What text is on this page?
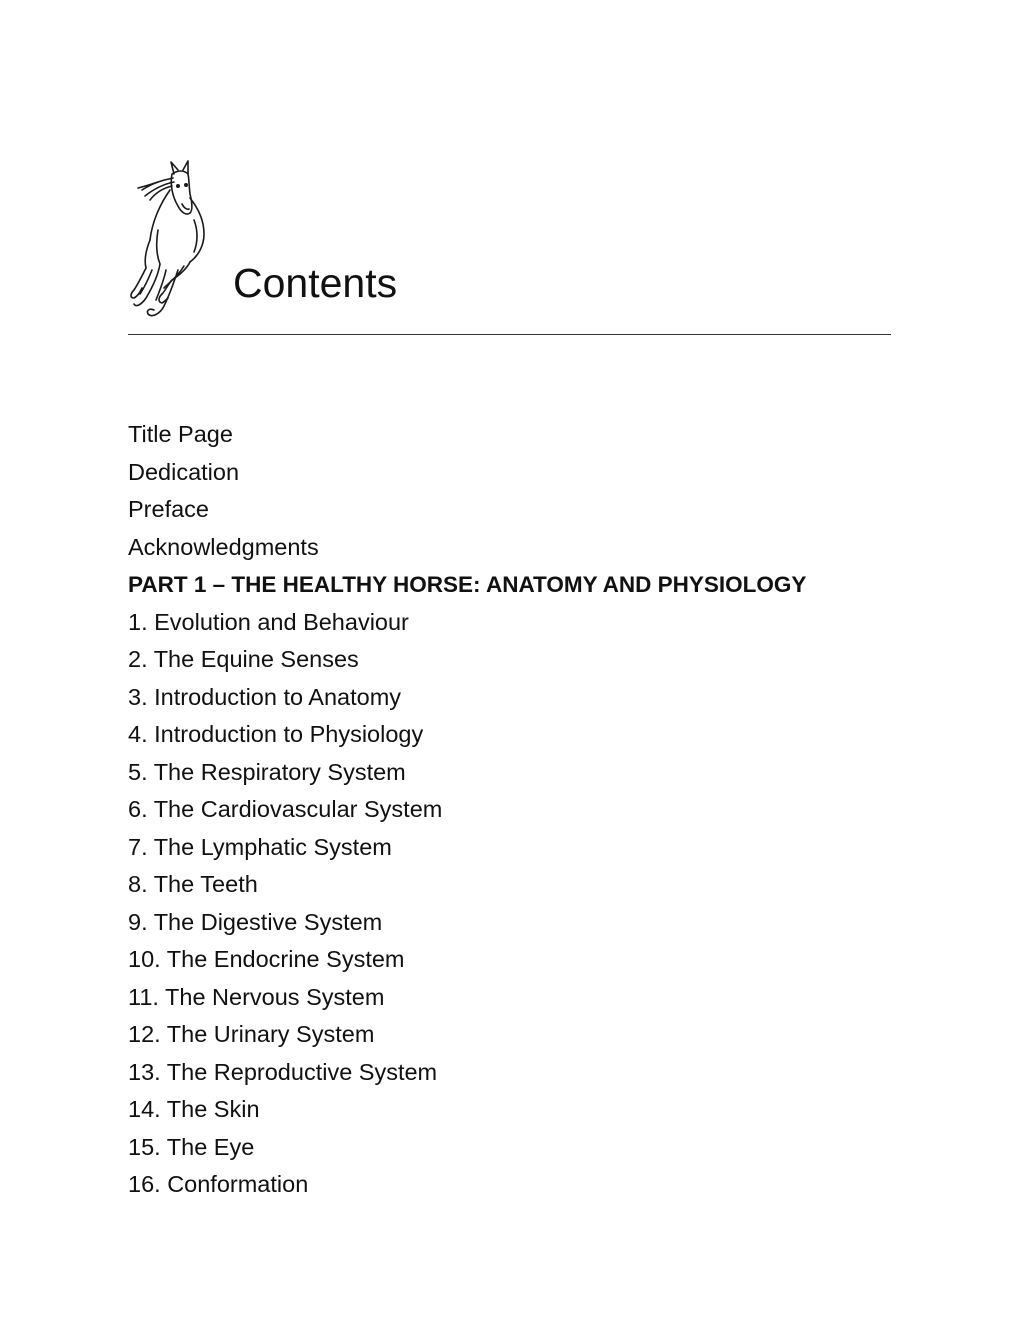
Contents
Title Page
Dedication
Preface
Acknowledgments
PART 1 – THE HEALTHY HORSE: ANATOMY AND PHYSIOLOGY
1. Evolution and Behaviour
2. The Equine Senses
3. Introduction to Anatomy
4. Introduction to Physiology
5. The Respiratory System
6. The Cardiovascular System
7. The Lymphatic System
8. The Teeth
9. The Digestive System
10. The Endocrine System
11. The Nervous System
12. The Urinary System
13. The Reproductive System
14. The Skin
15. The Eye
16. Conformation
